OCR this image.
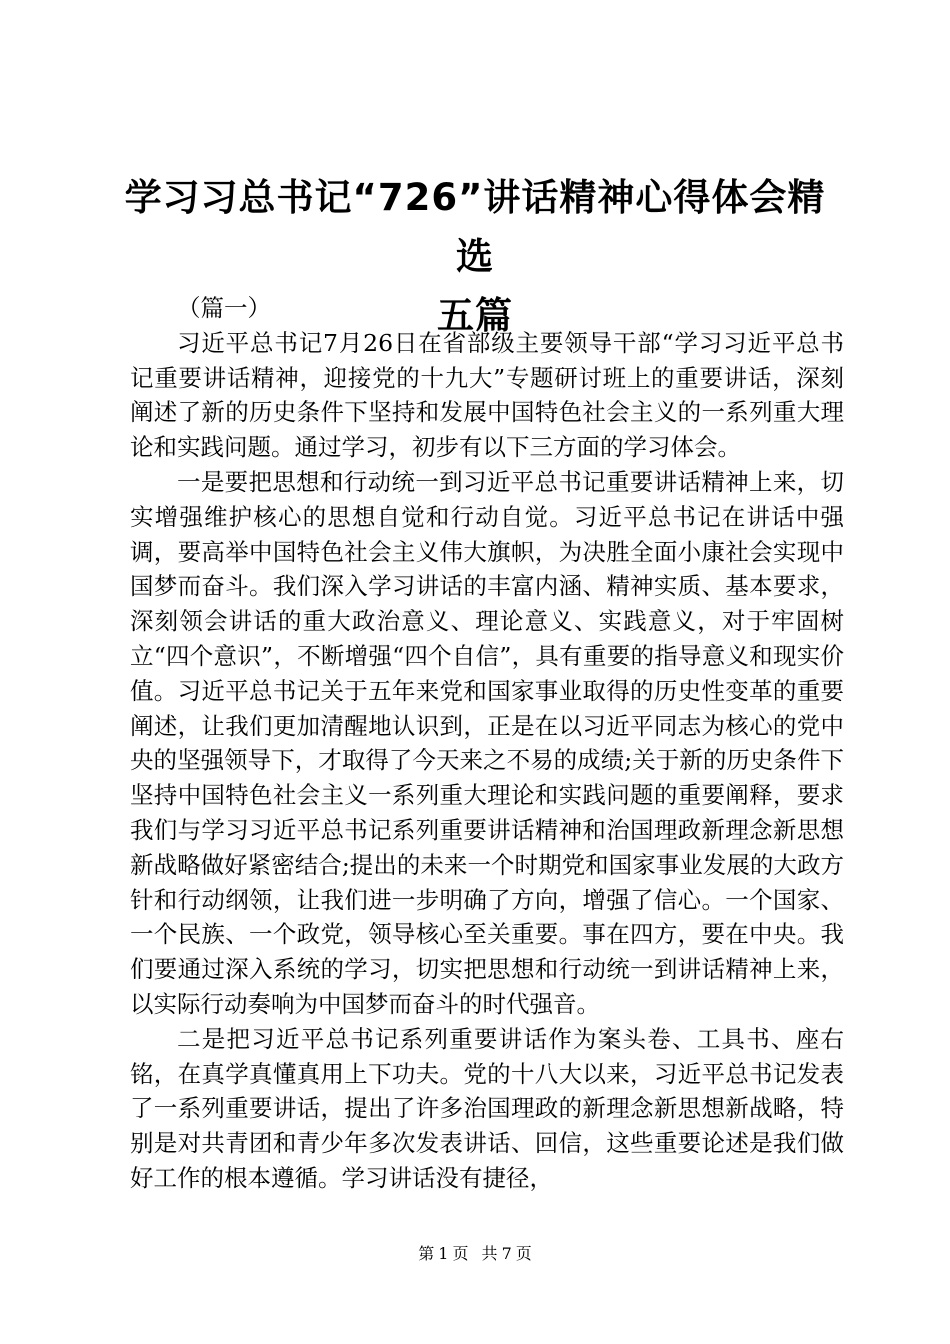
学习习总书记“726”讲话精神心得体会精选
五篇

（篇一）

习近平总书记7月26日在省部级主要领导干部“学习习近平总书记重要讲话精神，迎接党的十九大”专题研讨班上的重要讲话，深刻阐述了新的历史条件下坚持和发展中国特色社会主义的一系列重大理论和实践问题。通过学习，初步有以下三方面的学习体会。

一是要把思想和行动统一到习近平总书记重要讲话精神上来，切实增强维护核心的思想自觉和行动自觉。习近平总书记在讲话中强调，要高举中国特色社会主义伟大旗帜，为决胜全面小康社会实现中国梦而奋斗。我们深入学习讲话的丰富内涵、精神实质、基本要求，深刻领会讲话的重大政治意义、理论意义、实践意义，对于牢固树立“四个意识”，不断增强“四个自信”，具有重要的指导意义和现实价值。习近平总书记关于五年来党和国家事业取得的历史性变革的重要阐述，让我们更加清醒地认识到，正是在以习近平同志为核心的党中央的坚强领导下，才取得了今天来之不易的成绩;关于新的历史条件下坚持中国特色社会主义一系列重大理论和实践问题的重要阐释，要求我们与学习习近平总书记系列重要讲话精神和治国理政新理念新思想新战略做好紧密结合;提出的未来一个时期党和国家事业发展的大政方针和行动纲领，让我们进一步明确了方向，增强了信心。一个国家、一个民族、一个政党，领导核心至关重要。事在四方，要在中央。我们要通过深入系统的学习，切实把思想和行动统一到讲话精神上来，以实际行动奏响为中国梦而奋斗的时代强音。

二是把习近平总书记系列重要讲话作为案头卷、工具书、座右铭，在真学真懂真用上下功夫。党的十八大以来，习近平总书记发表了一系列重要讲话，提出了许多治国理政的新理念新思想新战略，特别是对共青团和青少年多次发表讲话、回信，这些重要论述是我们做好工作的根本遵循。学习讲话没有捷径，

第 1 页 共 7 页
